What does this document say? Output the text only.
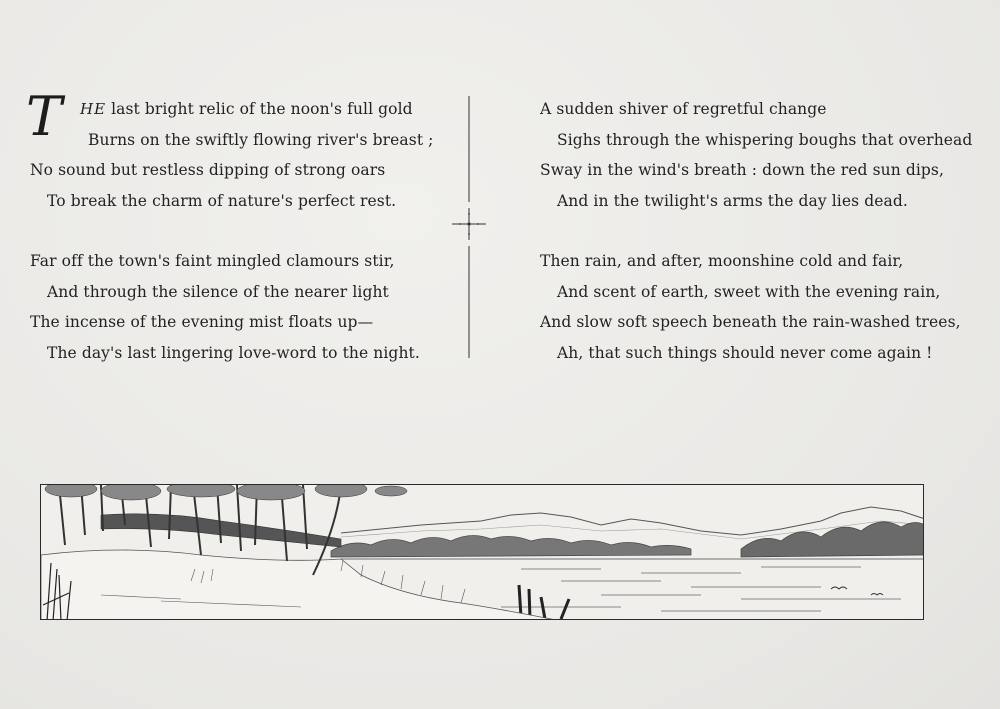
T HE last bright relic of the noon's full gold
Burns on the swiftly flowing river's breast ;
No sound but restless dipping of strong oars
To break the charm of nature's perfect rest.
Far off the town's faint mingled clamours stir,
And through the silence of the nearer light
The incense of the evening mist floats up—
The day's last lingering love-word to the night.
A sudden shiver of regretful change
Sighs through the whispering boughs that overhead
Sway in the wind's breath : down the red sun dips,
And in the twilight's arms the day lies dead.
Then rain, and after, moonshine cold and fair,
And scent of earth, sweet with the evening rain,
And slow soft speech beneath the rain-washed trees,
Ah, that such things should never come again !
